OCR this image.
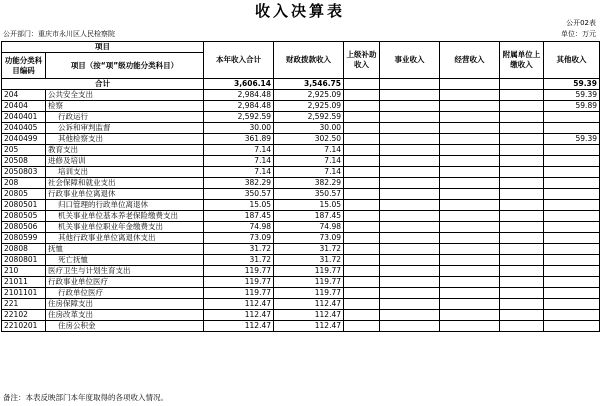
收入决算表
公开02表
公开部门：重庆市永川区人民检察院	单位：万元
项目		本年收入合计	财政拨款收入	上级补助收入	事业收入	经营收入	附属单位上缴收入	其他收入
功能分类科目编码	项目（按“项”级功能分类科目）							
合计		3,606.14	3,546.75					59.39
204	公共安全支出	2,984.48	2,925.09					59.39
20404	检察	2,984.48	2,925.09					59.89
2040401	行政运行	2,592.59	2,592.59					
2040405	公诉和审判监督	30.00	30.00					
2040499	其他检察支出	361.89	302.50					59.39
205	教育支出	7.14	7.14					
20508	进修及培训	7.14	7.14					
2050803	培训支出	7.14	7.14					
208	社会保障和就业支出	382.29	382.29					
20805	行政事业单位离退休	350.57	350.57					
2080501	归口管理的行政单位离退休	15.05	15.05					
2080505	机关事业单位基本养老保险缴费支出	187.45	187.45					
2080506	机关事业单位职业年金缴费支出	74.98	74.98					
2080599	其他行政事业单位离退休支出	73.09	73.09					
20808	抚恤	31.72	31.72					
2080801	死亡抚恤	31.72	31.72					
210	医疗卫生与计划生育支出	119.77	119.77					
21011	行政事业单位医疗	119.77	119.77					
2101101	行政单位医疗	119.77	119.77					
221	住房保障支出	112.47	112.47					
22102	住房改革支出	112.47	112.47					
2210201	住房公积金	112.47	112.47					
备注：本表反映部门本年度取得的各项收入情况。
